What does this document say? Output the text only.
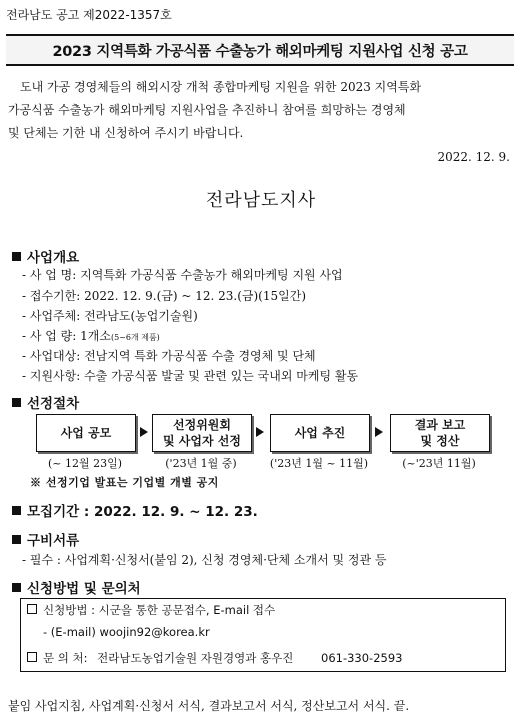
전라남도 공고 제2022-1357호
2023 지역특화 가공식품 수출농가 해외마케팅 지원사업 신청 공고
도내 가공 경영체들의 해외시장 개척 종합마케팅 지원을 위한 2023 지역특화
가공식품 수출농가 해외마케팅 지원사업을 추진하니 참여를 희망하는 경영체
및 단체는 기한 내 신청하여 주시기 바랍니다.
2022. 12. 9.
전라남도지사
사업개요
- 사 업 명: 지역특화 가공식품 수출농가 해외마케팅 지원 사업
- 접수기한: 2022. 12. 9.(금) ~ 12. 23.(금)(15일간)
- 사업주체: 전라남도(농업기술원)
- 사 업 량: 1개소(5~6개 제품)
- 사업대상: 전남지역 특화 가공식품 수출 경영체 및 단체
- 지원사항: 수출 가공식품 발굴 및 관련 있는 국내외 마케팅 활동
선정절차
사업 공모
선정위원회
및 사업자 선정
사업 추진
결과 보고
및 정산
(~ 12월 23일)	('23년 1월 중)	('23년 1월 ~ 11월)	(~'23년 11월)
※ 선정기업 발표는 기업별 개별 공지
모집기간 : 2022. 12. 9. ~ 12. 23.
구비서류
- 필수 : 사업계획·신청서(붙임 2), 신청 경영체·단체 소개서 및 정관 등
신청방법 및 문의처
신청방법 : 시군을 통한 공문접수, E-mail 접수
- (E-mail) woojin92@korea.kr
문 의 처: 전라남도농업기술원 자원경영과 홍우진 061-330-2593
붙임 사업지침, 사업계획·신청서 서식, 결과보고서 서식, 정산보고서 서식. 끝.
